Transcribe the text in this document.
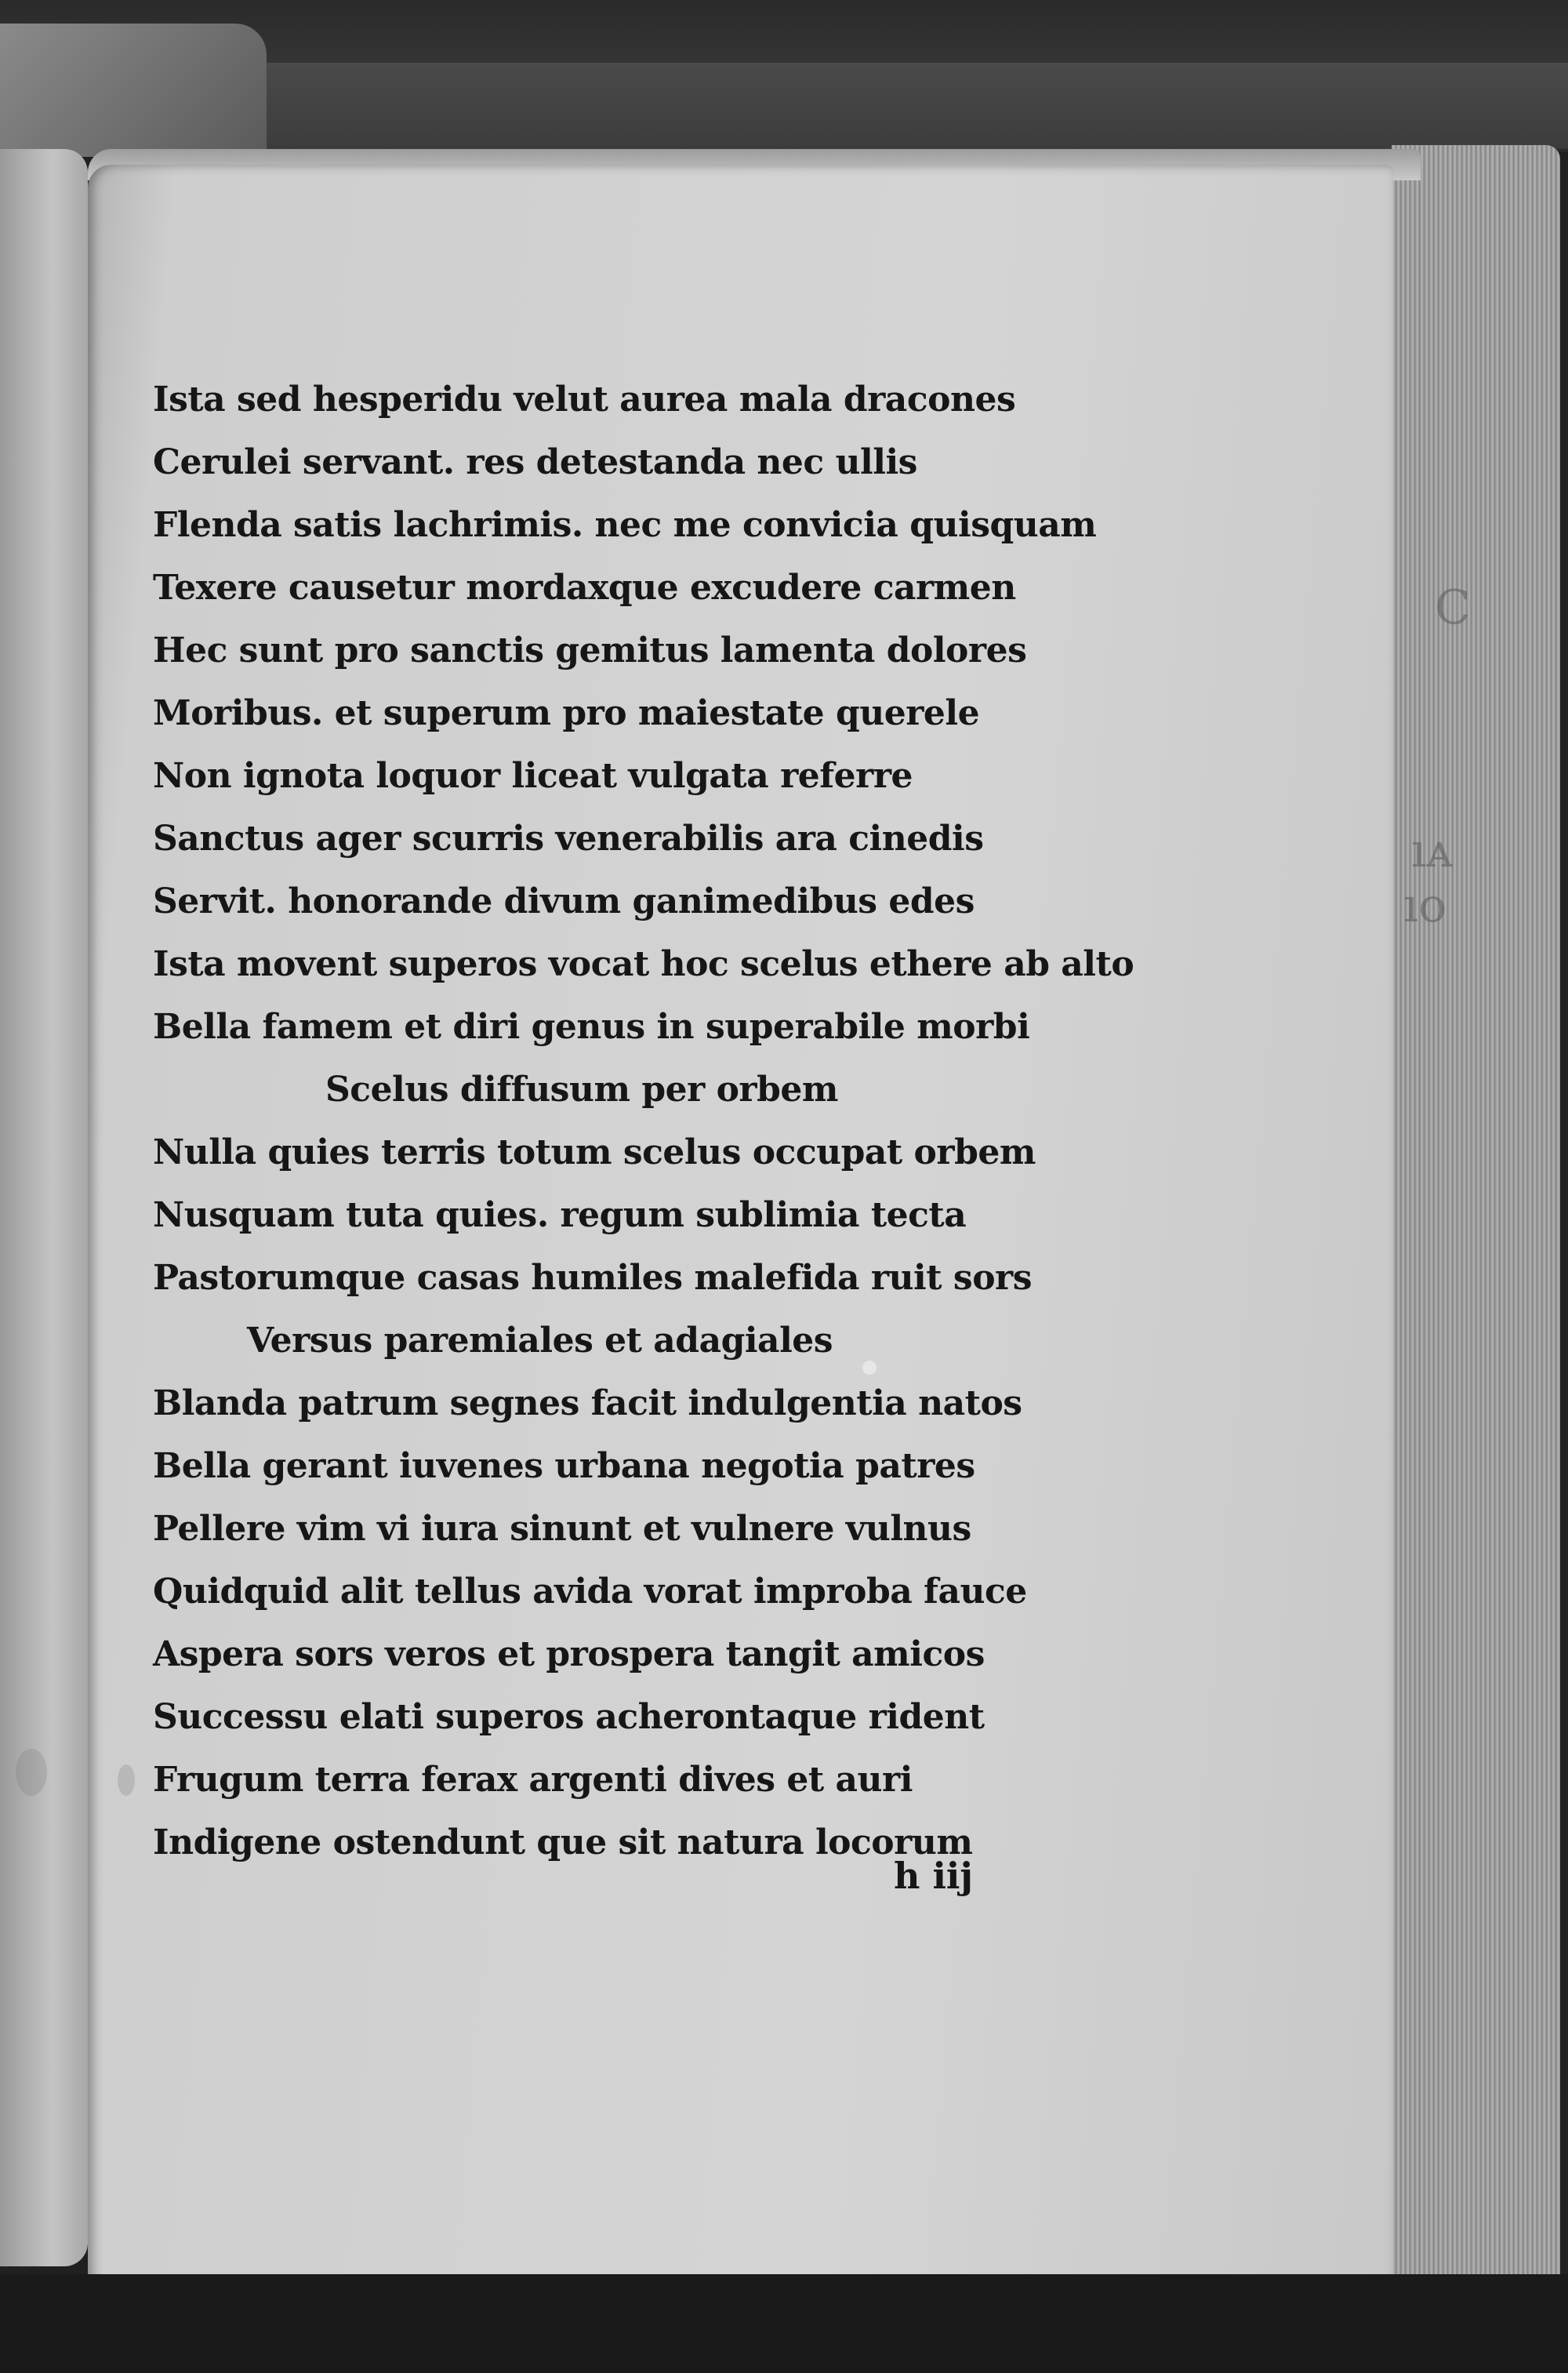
C
ıᴀ
ıo
Ista sed hesperidu velut aurea mala dracones
Cerulei servant. res detestanda nec ullis
Flenda satis lachrimis. nec me convicia quisquam
Texere causetur mordaxque excudere carmen
Hec sunt pro sanctis gemitus lamenta dolores
Moribus. et superum pro maiestate querele
Non ignota loquor liceat vulgata referre
Sanctus ager scurris venerabilis ara cinedis
Servit. honorande divum ganimedibus edes
Ista movent superos vocat hoc scelus ethere ab alto
Bella famem et diri genus in superabile morbi
Scelus diffusum per orbem
Nulla quies terris totum scelus occupat orbem
Nusquam tuta quies. regum sublimia tecta
Pastorumque casas humiles malefida ruit sors
Versus paremiales et adagiales
Blanda patrum segnes facit indulgentia natos
Bella gerant iuvenes urbana negotia patres
Pellere vim vi iura sinunt et vulnere vulnus
Quidquid alit tellus avida vorat improba fauce
Aspera sors veros et prospera tangit amicos
Successu elati superos acherontaque rident
Frugum terra ferax argenti dives et auri
Indigene ostendunt que sit natura locorum
h iij
